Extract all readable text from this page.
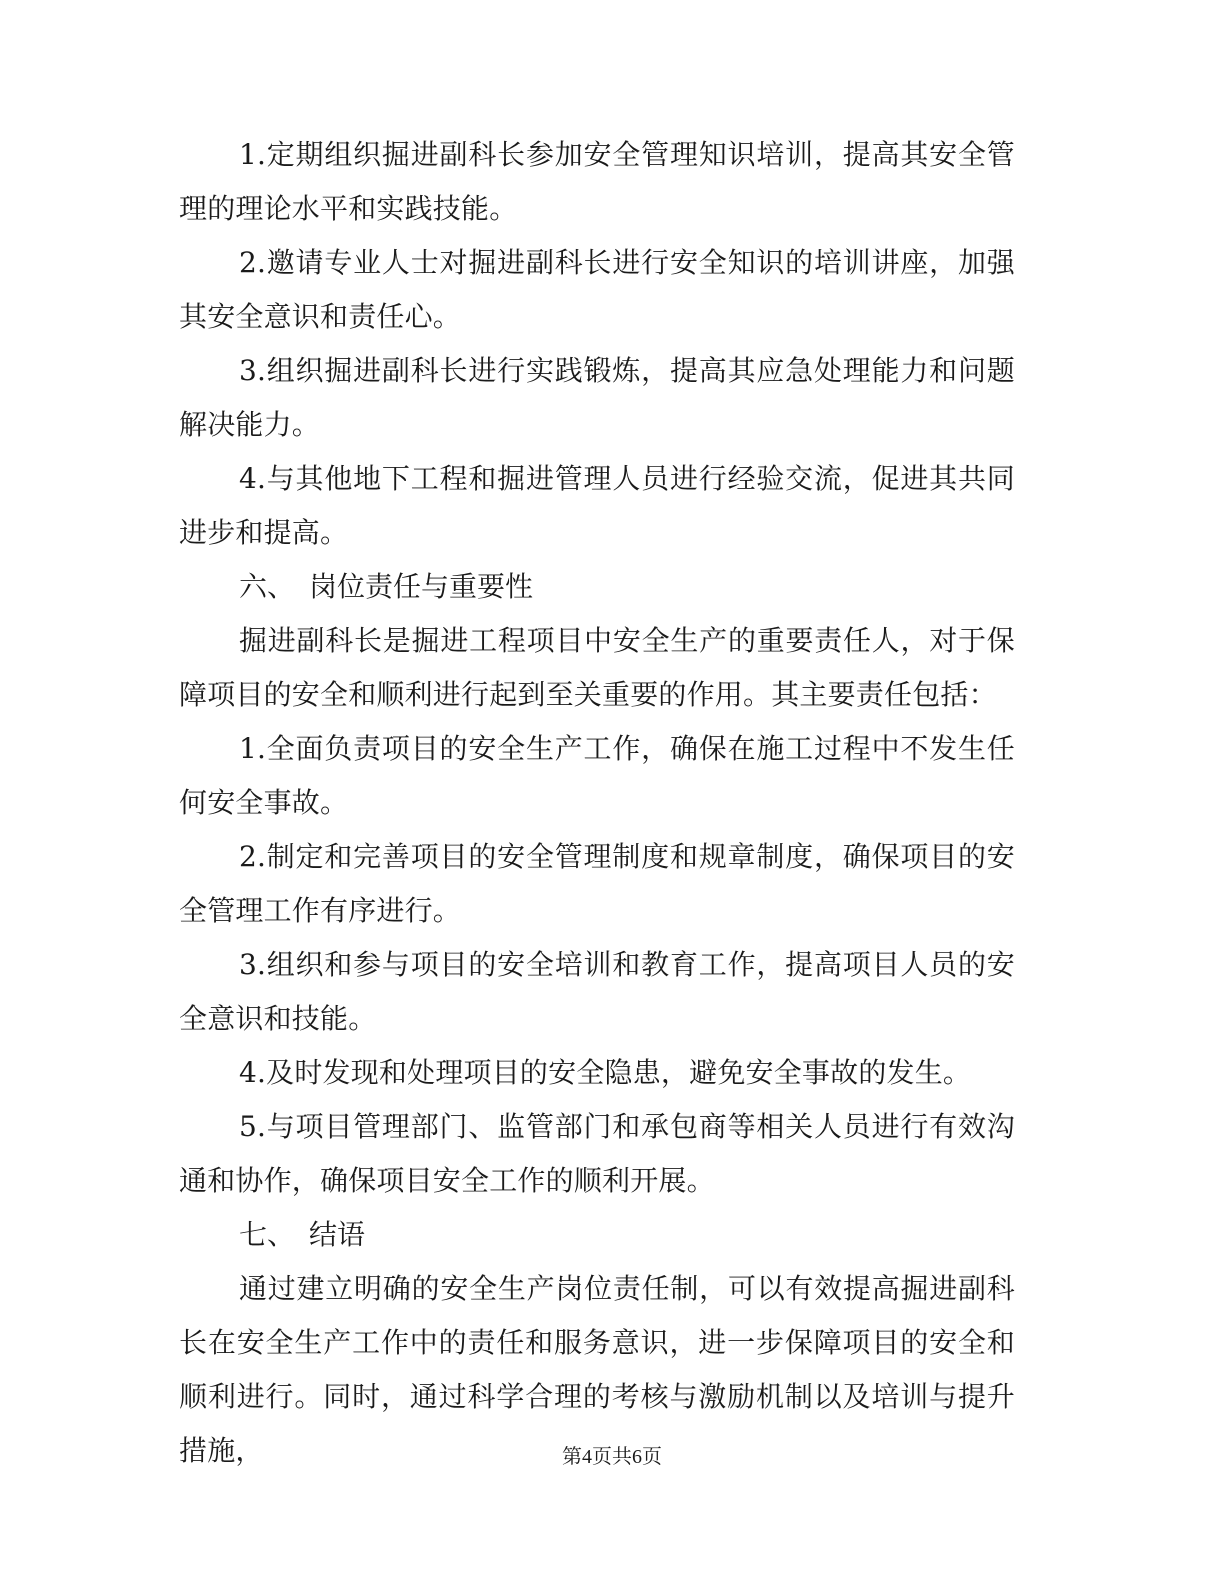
1.定期组织掘进副科长参加安全管理知识培训，提高其安全管理的理论水平和实践技能。

2.邀请专业人士对掘进副科长进行安全知识的培训讲座，加强其安全意识和责任心。

3.组织掘进副科长进行实践锻炼，提高其应急处理能力和问题解决能力。

4.与其他地下工程和掘进管理人员进行经验交流，促进其共同进步和提高。

六、 岗位责任与重要性

掘进副科长是掘进工程项目中安全生产的重要责任人，对于保障项目的安全和顺利进行起到至关重要的作用。其主要责任包括：

1.全面负责项目的安全生产工作，确保在施工过程中不发生任何安全事故。

2.制定和完善项目的安全管理制度和规章制度，确保项目的安全管理工作有序进行。

3.组织和参与项目的安全培训和教育工作，提高项目人员的安全意识和技能。

4.及时发现和处理项目的安全隐患，避免安全事故的发生。

5.与项目管理部门、监管部门和承包商等相关人员进行有效沟通和协作，确保项目安全工作的顺利开展。

七、 结语

通过建立明确的安全生产岗位责任制，可以有效提高掘进副科长在安全生产工作中的责任和服务意识，进一步保障项目的安全和顺利进行。同时，通过科学合理的考核与激励机制以及培训与提升措施，	第4页共6页
